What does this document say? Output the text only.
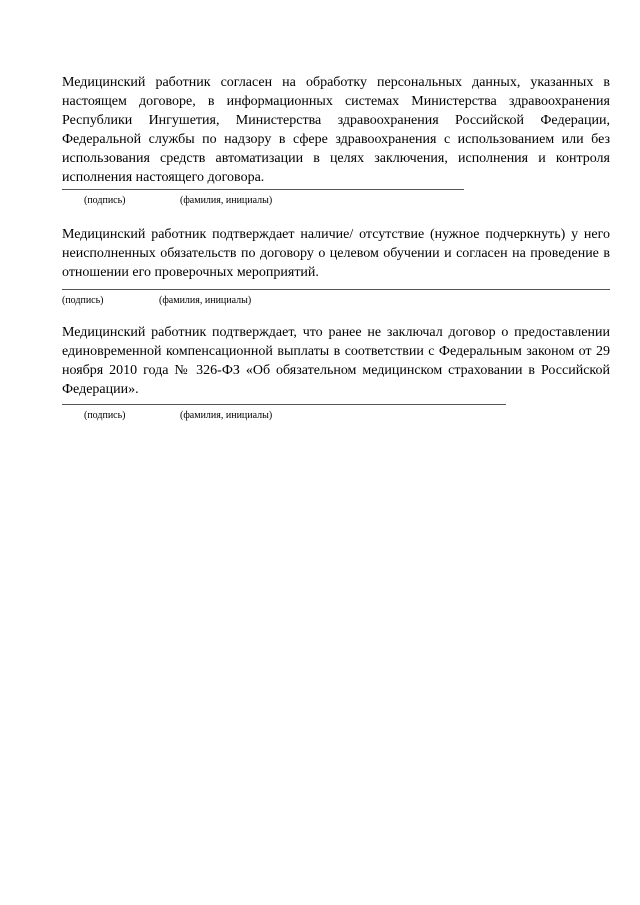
Медицинский работник согласен на обработку персональных данных, указанных в настоящем договоре, в информационных системах Министерства здравоохранения Республики Ингушетия, Министерства здравоохранения Российской Федерации, Федеральной службы по надзору в сфере здравоохранения с использованием или без использования средств автоматизации в целях заключения, исполнения и контроля исполнения настоящего договора.

(подпись)	(фамилия, инициалы)

Медицинский работник подтверждает наличие/ отсутствие (нужное подчеркнуть) у него неисполненных обязательств по договору о целевом обучении и согласен на проведение в отношении его проверочных мероприятий.

(подпись)	(фамилия, инициалы)

Медицинский работник подтверждает, что ранее не заключал договор о предоставлении единовременной компенсационной выплаты в соответствии с Федеральным законом от 29 ноября 2010 года № 326-ФЗ «Об обязательном медицинском страховании в Российской Федерации».

(подпись)	(фамилия, инициалы)
